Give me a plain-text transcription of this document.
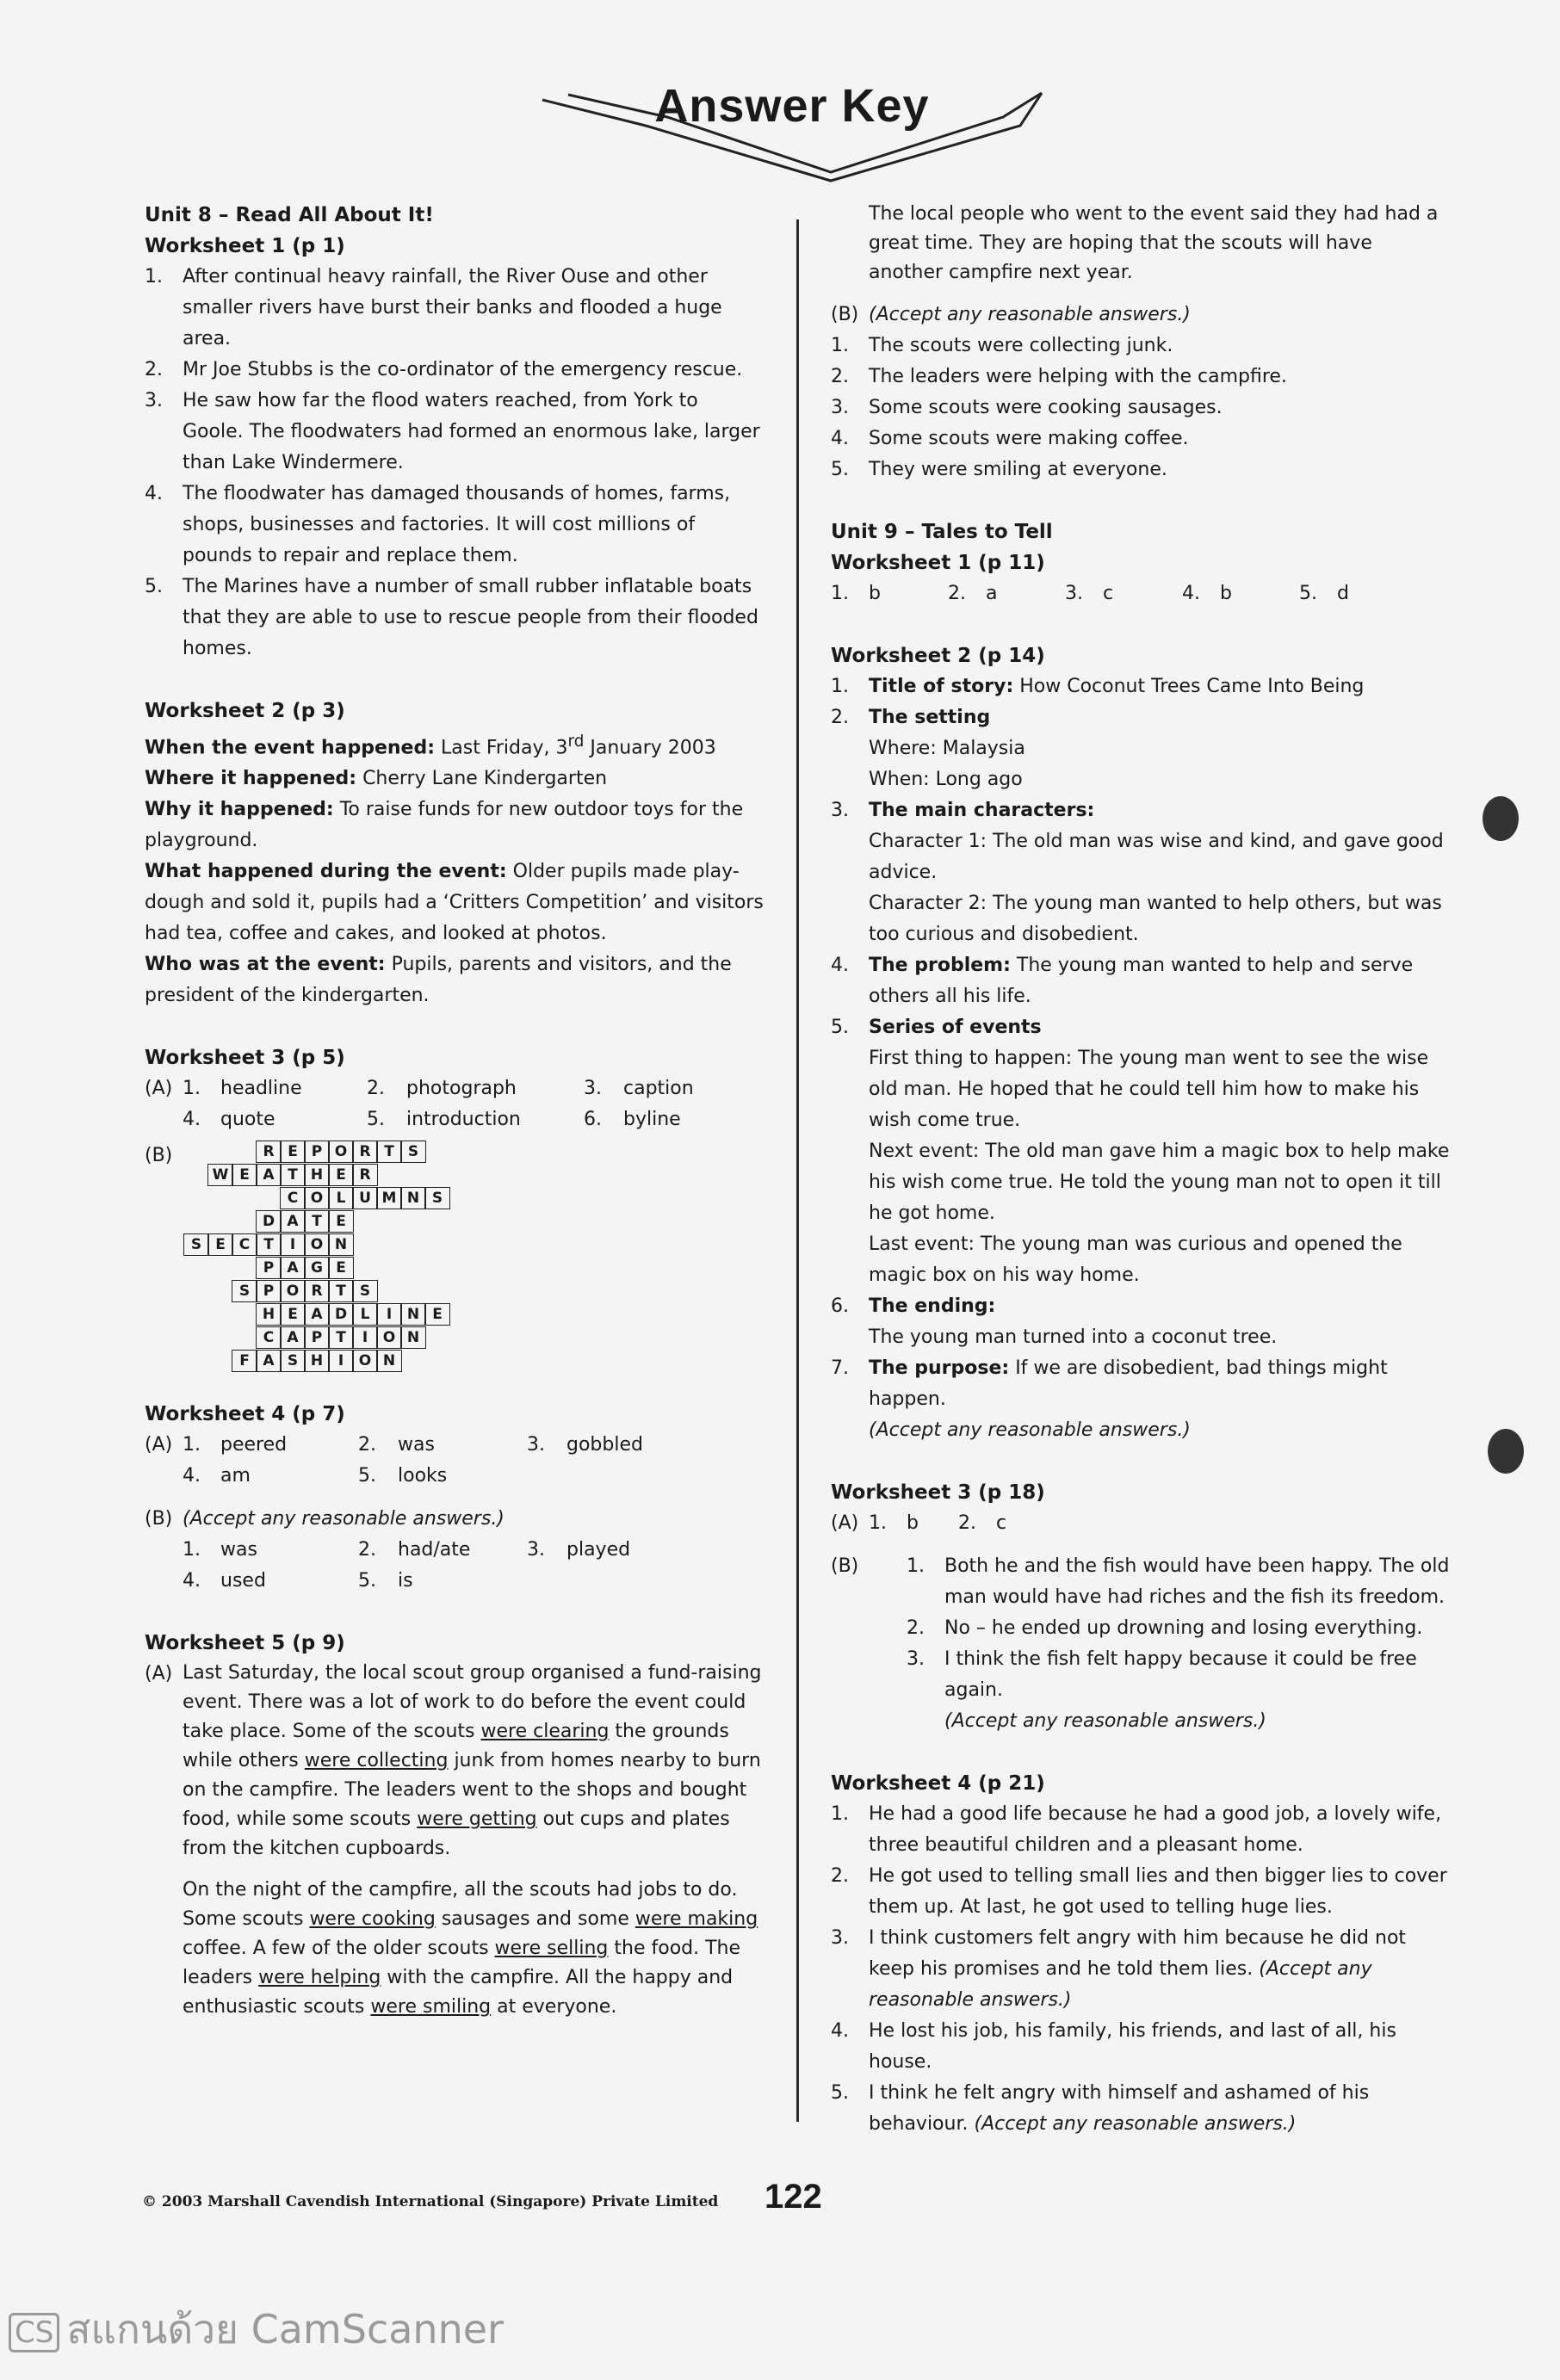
Answer Key
Unit 8 – Read All About It!
Worksheet 1 (p 1)
1. After continual heavy rainfall, the River Ouse and other smaller rivers have burst their banks and flooded a huge area.
2. Mr Joe Stubbs is the co-ordinator of the emergency rescue.
3. He saw how far the flood waters reached, from York to Goole. The floodwaters had formed an enormous lake, larger than Lake Windermere.
4. The floodwater has damaged thousands of homes, farms, shops, businesses and factories. It will cost millions of pounds to repair and replace them.
5. The Marines have a number of small rubber inflatable boats that they are able to use to rescue people from their flooded homes.
Worksheet 2 (p 3)
When the event happened: Last Friday, 3rd January 2003
Where it happened: Cherry Lane Kindergarten
Why it happened: To raise funds for new outdoor toys for the playground.
What happened during the event: Older pupils made play-dough and sold it, pupils had a ‘Critters Competition’ and visitors had tea, coffee and cakes, and looked at photos.
Who was at the event: Pupils, parents and visitors, and the president of the kindergarten.
Worksheet 3 (p 5)
(A) 1.	headline	2.	photograph	3.	caption
4.	quote	5.	introduction	6.	byline
(B)	R E P O R T S
W E A T H E R
C O L U M N S
D A T E
S E C T	I	O N
P A G E
S P O R T S
H E A D L	I	N E
C A P T	I	O N
F A S H	I	O N
Worksheet 4 (p 7)
(A) 1.	peered	2.	was	3.	gobbled
4.	am	5.	looks
(B) (Accept any reasonable answers.)
1.	was	2.	had/ate	3.	played
4.	used	5.	is
Worksheet 5 (p 9)
(A) Last Saturday, the local scout group organised a fund-raising event. There was a lot of work to do before the event could take place. Some of the scouts were clearing the grounds while others were collecting junk from homes nearby to burn on the campfire. The leaders went to the shops and bought food, while some scouts were getting out cups and plates from the kitchen cupboards.
On the night of the campfire, all the scouts had jobs to do. Some scouts were cooking sausages and some were making coffee. A few of the older scouts were selling the food. The leaders were helping with the campfire. All the happy and enthusiastic scouts were smiling at everyone.
The local people who went to the event said they had had a great time. They are hoping that the scouts will have another campfire next year.
(B) (Accept any reasonable answers.)
1. The scouts were collecting junk.
2. The leaders were helping with the campfire.
3. Some scouts were cooking sausages.
4. Some scouts were making coffee.
5. They were smiling at everyone.
Unit 9 – Tales to Tell
Worksheet 1 (p 11)
1.	b	2.	a	3.	c	4.	b	5.	d
Worksheet 2 (p 14)
1. Title of story: How Coconut Trees Came Into Being
2. The setting
Where: Malaysia
When: Long ago
3. The main characters:
Character 1: The old man was wise and kind, and gave good advice.
Character 2: The young man wanted to help others, but was too curious and disobedient.
4. The problem: The young man wanted to help and serve others all his life.
5. Series of events
First thing to happen: The young man went to see the wise old man. He hoped that he could tell him how to make his wish come true.
Next event: The old man gave him a magic box to help make his wish come true. He told the young man not to open it till he got home.
Last event: The young man was curious and opened the magic box on his way home.
6. The ending:
The young man turned into a coconut tree.
7. The purpose: If we are disobedient, bad things might happen.
(Accept any reasonable answers.)
Worksheet 3 (p 18)
(A) 1.	b	2.	c
(B)	1. Both he and the fish would have been happy. The old man would have had riches and the fish its freedom.
2. No – he ended up drowning and losing everything.
3. I think the fish felt happy because it could be free again.
(Accept any reasonable answers.)
Worksheet 4 (p 21)
1. He had a good life because he had a good job, a lovely wife, three beautiful children and a pleasant home.
2. He got used to telling small lies and then bigger lies to cover them up. At last, he got used to telling huge lies.
3. I think customers felt angry with him because he did not keep his promises and he told them lies. (Accept any reasonable answers.)
4. He lost his job, his family, his friends, and last of all, his house.
5. I think he felt angry with himself and ashamed of his behaviour. (Accept any reasonable answers.)
© 2003 Marshall Cavendish International (Singapore) Private Limited 122
CS สแกนด้วย CamScanner
